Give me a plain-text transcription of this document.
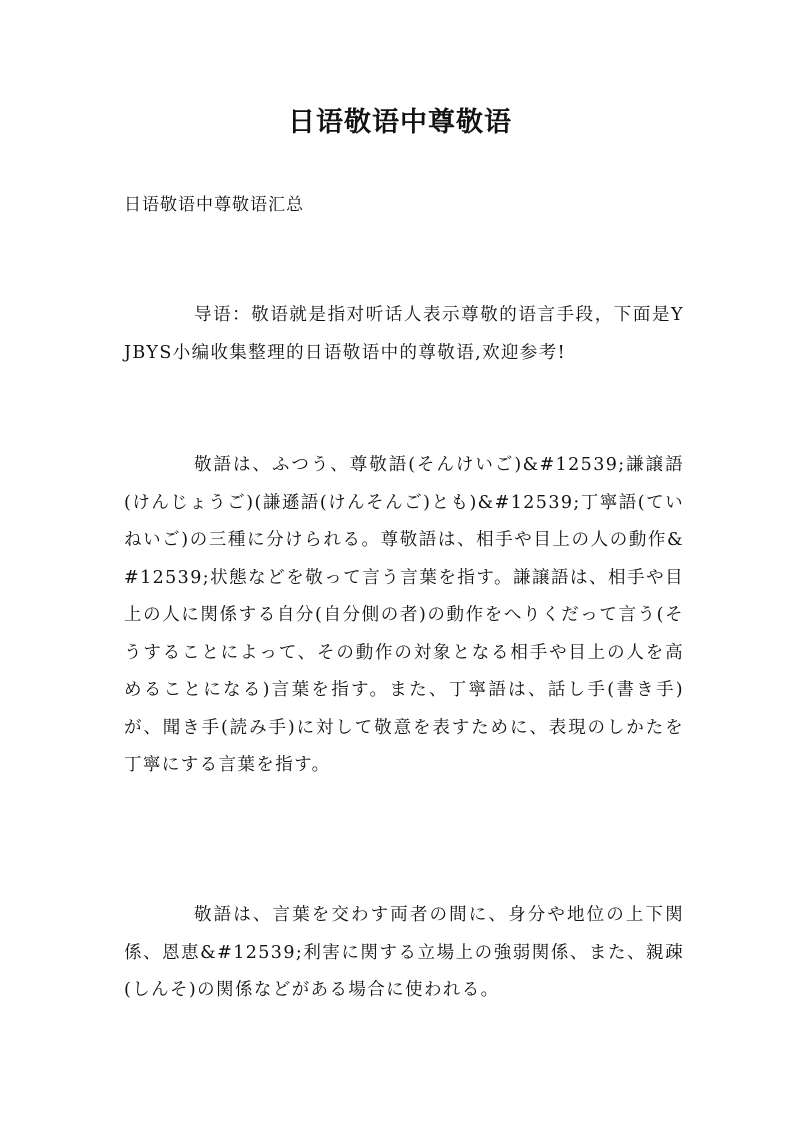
日语敬语中尊敬语
日语敬语中尊敬语汇总
导语：敬语就是指对听话人表示尊敬的语言手段，下面是YJBYS小编收集整理的日语敬语中的尊敬语,欢迎参考!
敬語は、ふつう、尊敬語(そんけいご)&#12539;謙譲語(けんじょうご)(謙遜語(けんそんご)とも)&#12539;丁寧語(ていねいご)の三種に分けられる。尊敬語は、相手や目上の人の動作&#12539;状態などを敬って言う言葉を指す。謙譲語は、相手や目上の人に関係する自分(自分側の者)の動作をへりくだって言う(そうすることによって、その動作の対象となる相手や目上の人を高めることになる)言葉を指す。また、丁寧語は、話し手(書き手)が、聞き手(読み手)に対して敬意を表すために、表現のしかたを丁寧にする言葉を指す。
敬語は、言葉を交わす両者の間に、身分や地位の上下関係、恩恵&#12539;利害に関する立場上の強弱関係、また、親疎(しんそ)の関係などがある場合に使われる。
